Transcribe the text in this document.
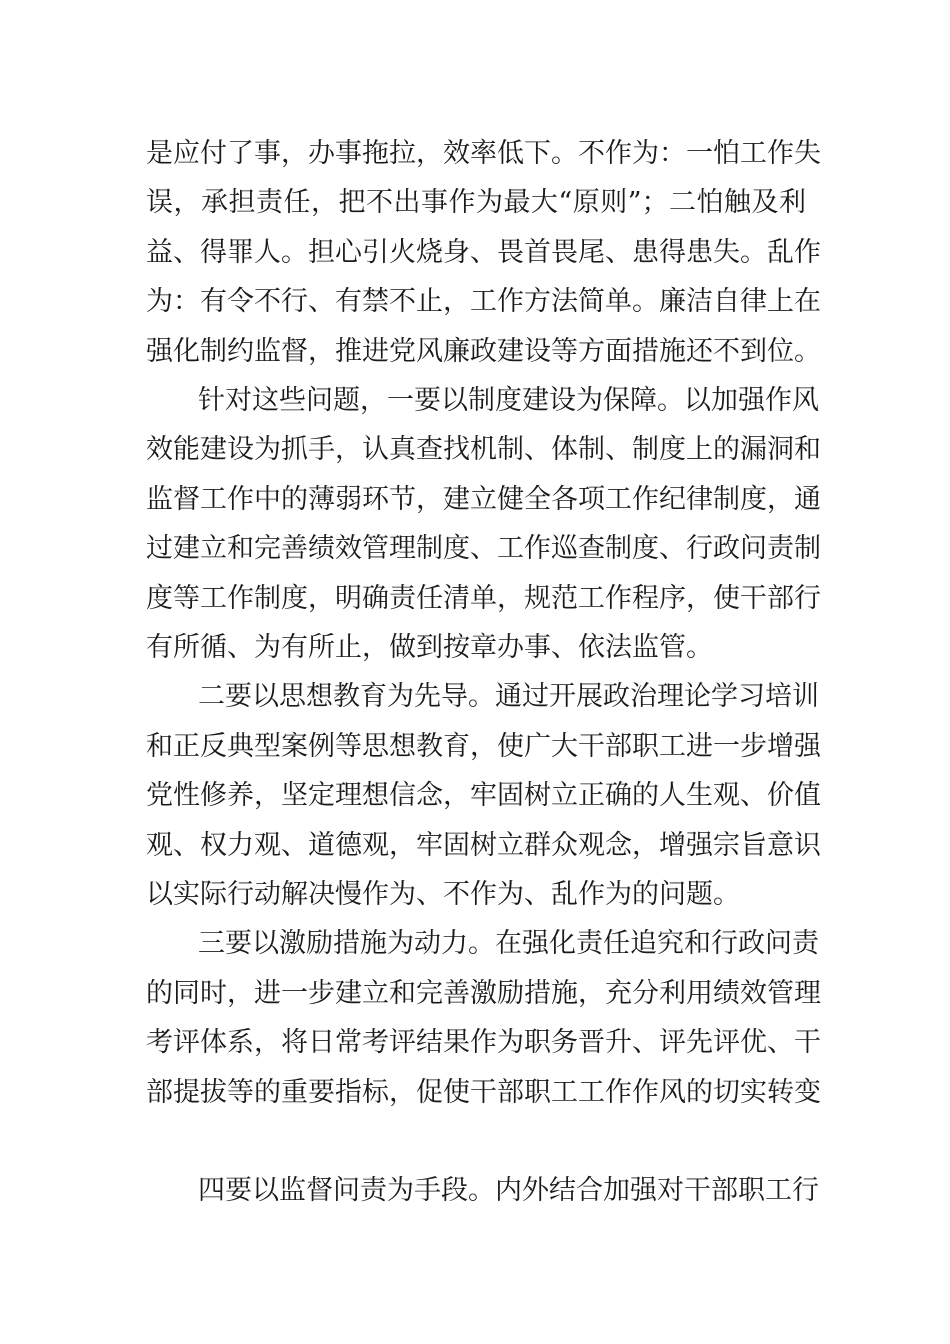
是应付了事，办事拖拉，效率低下。不作为：一怕工作失
误，承担责任，把不出事作为最大“原则”；二怕触及利
益、得罪人。担心引火烧身、畏首畏尾、患得患失。乱作
为：有令不行、有禁不止，工作方法简单。廉洁自律上在
强化制约监督，推进党风廉政建设等方面措施还不到位。
针对这些问题，一要以制度建设为保障。以加强作风
效能建设为抓手，认真查找机制、体制、制度上的漏洞和
监督工作中的薄弱环节，建立健全各项工作纪律制度，通
过建立和完善绩效管理制度、工作巡查制度、行政问责制
度等工作制度，明确责任清单，规范工作程序，使干部行
有所循、为有所止，做到按章办事、依法监管。
二要以思想教育为先导。通过开展政治理论学习培训
和正反典型案例等思想教育，使广大干部职工进一步增强
党性修养，坚定理想信念，牢固树立正确的人生观、价值
观、权力观、道德观，牢固树立群众观念，增强宗旨意识
以实际行动解决慢作为、不作为、乱作为的问题。
三要以激励措施为动力。在强化责任追究和行政问责
的同时，进一步建立和完善激励措施，充分利用绩效管理
考评体系，将日常考评结果作为职务晋升、评先评优、干
部提拔等的重要指标，促使干部职工工作作风的切实转变
四要以监督问责为手段。内外结合加强对干部职工行
